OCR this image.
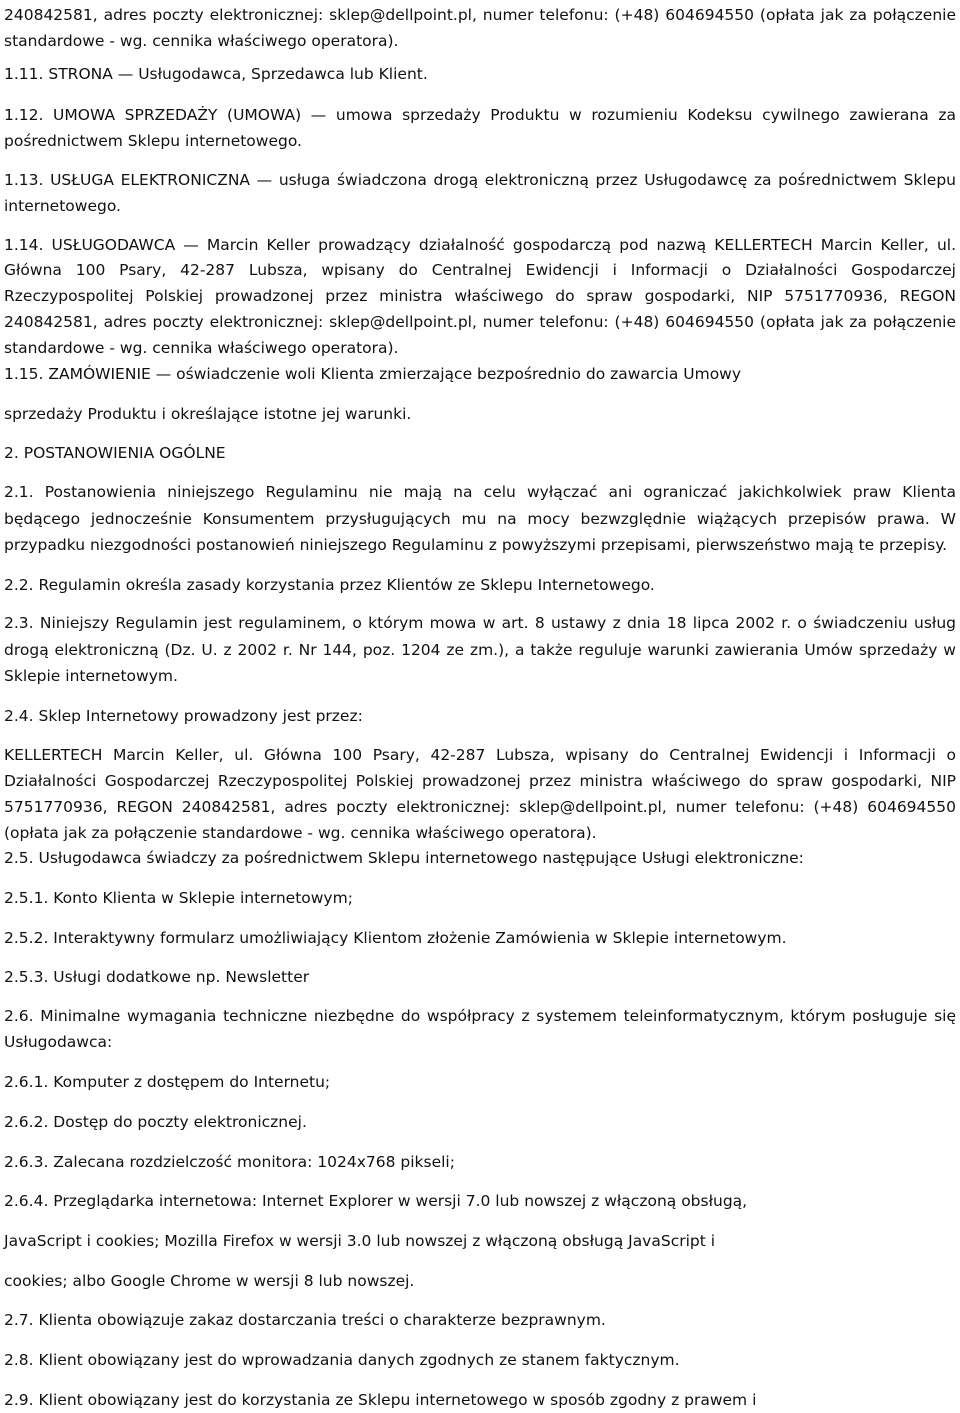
240842581, adres poczty elektronicznej: sklep@dellpoint.pl, numer telefonu: (+48) 604694550 (opłata jak za połączenie
standardowe - wg. cennika właściwego operatora).
1.11. STRONA — Usługodawca, Sprzedawca lub Klient.
1.12. UMOWA SPRZEDAŻY (UMOWA) — umowa sprzedaży Produktu w rozumieniu Kodeksu cywilnego zawierana za
pośrednictwem Sklepu internetowego.
1.13. USŁUGA ELEKTRONICZNA — usługa świadczona drogą elektroniczną przez Usługodawcę za pośrednictwem Sklepu
internetowego.
1.14. USŁUGODAWCA — Marcin Keller prowadzący działalność gospodarczą pod nazwą KELLERTECH Marcin Keller, ul.
Główna 100 Psary, 42-287 Lubsza, wpisany do Centralnej Ewidencji i Informacji o Działalności Gospodarczej
Rzeczypospolitej Polskiej prowadzonej przez ministra właściwego do spraw gospodarki, NIP 5751770936, REGON
240842581, adres poczty elektronicznej: sklep@dellpoint.pl, numer telefonu: (+48) 604694550 (opłata jak za połączenie
standardowe - wg. cennika właściwego operatora).
1.15. ZAMÓWIENIE — oświadczenie woli Klienta zmierzające bezpośrednio do zawarcia Umowy
sprzedaży Produktu i określające istotne jej warunki.
2. POSTANOWIENIA OGÓLNE
2.1. Postanowienia niniejszego Regulaminu nie mają na celu wyłączać ani ograniczać jakichkolwiek praw Klienta
będącego jednocześnie Konsumentem przysługujących mu na mocy bezwzględnie wiążących przepisów prawa. W
przypadku niezgodności postanowień niniejszego Regulaminu z powyższymi przepisami, pierwszeństwo mają te przepisy.
2.2. Regulamin określa zasady korzystania przez Klientów ze Sklepu Internetowego.
2.3. Niniejszy Regulamin jest regulaminem, o którym mowa w art. 8 ustawy z dnia 18 lipca 2002 r. o świadczeniu usług
drogą elektroniczną (Dz. U. z 2002 r. Nr 144, poz. 1204 ze zm.), a także reguluje warunki zawierania Umów sprzedaży w
Sklepie internetowym.
2.4. Sklep Internetowy prowadzony jest przez:
KELLERTECH Marcin Keller, ul. Główna 100 Psary, 42-287 Lubsza, wpisany do Centralnej Ewidencji i Informacji o
Działalności Gospodarczej Rzeczypospolitej Polskiej prowadzonej przez ministra właściwego do spraw gospodarki, NIP
5751770936, REGON 240842581, adres poczty elektronicznej: sklep@dellpoint.pl, numer telefonu: (+48) 604694550
(opłata jak za połączenie standardowe - wg. cennika właściwego operatora).
2.5. Usługodawca świadczy za pośrednictwem Sklepu internetowego następujące Usługi elektroniczne:
2.5.1. Konto Klienta w Sklepie internetowym;
2.5.2. Interaktywny formularz umożliwiający Klientom złożenie Zamówienia w Sklepie internetowym.
2.5.3. Usługi dodatkowe np. Newsletter
2.6. Minimalne wymagania techniczne niezbędne do współpracy z systemem teleinformatycznym, którym posługuje się
Usługodawca:
2.6.1. Komputer z dostępem do Internetu;
2.6.2. Dostęp do poczty elektronicznej.
2.6.3. Zalecana rozdzielczość monitora: 1024x768 pikseli;
2.6.4. Przeglądarka internetowa: Internet Explorer w wersji 7.0 lub nowszej z włączoną obsługą,
JavaScript i cookies; Mozilla Firefox w wersji 3.0 lub nowszej z włączoną obsługą JavaScript i
cookies; albo Google Chrome w wersji 8 lub nowszej.
2.7. Klienta obowiązuje zakaz dostarczania treści o charakterze bezprawnym.
2.8. Klient obowiązany jest do wprowadzania danych zgodnych ze stanem faktycznym.
2.9. Klient obowiązany jest do korzystania ze Sklepu internetowego w sposób zgodny z prawem i
